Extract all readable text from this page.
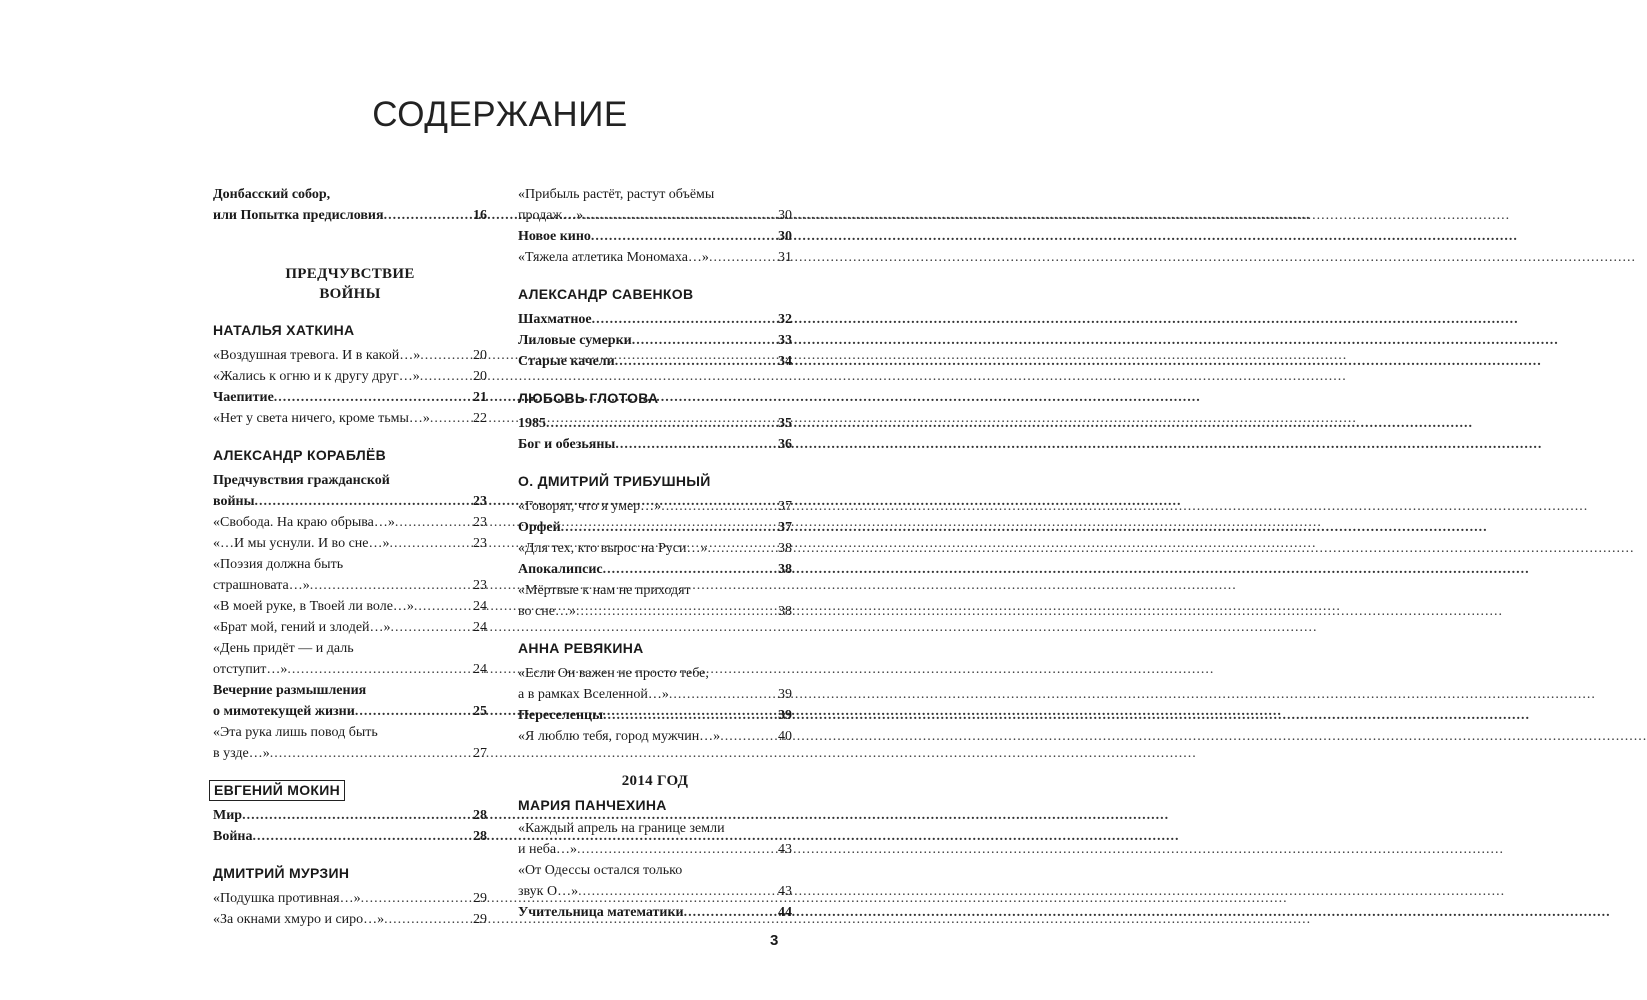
СОДЕРЖАНИЕ
Донбасский собор,
или Попытка предисловия .....	16
ПРЕДЧУВСТВИЕ
ВОЙНЫ
НАТАЛЬЯ ХАТКИНА
«Воздушная тревога. И в какой…» .....	20
«Жались к огню и к другу друг…» .....	20
Чаепитие .....	21
«Нет у света ничего, кроме тьмы…» .....	22
АЛЕКСАНДР КОРАБЛЁВ
Предчувствия гражданской
войны .....	23
«Свобода. На краю обрыва…» .....	23
«…И мы уснули. И во сне…» .....	23
«Поэзия должна быть
страшновата…» .....	23
«В моей руке, в Твоей ли воле…» .....	24
«Брат мой, гений и злодей…» .....	24
«День придёт — и даль
отступит…» .....	24
Вечерние размышления
о мимотекущей жизни .....	25
«Эта рука лишь повод быть
в узде…» .....	27
ЕВГЕНИЙ МОКИН
Мир .....	28
Война .....	28
ДМИТРИЙ МУРЗИН
«Подушка противная…» .....	29
«За окнами хмуро и сиро…» .....	29
«Прибыль растёт, растут объёмы
продаж…» .....	30
Новое кино .....	30
«Тяжела атлетика Мономаха…» .....	31
АЛЕКСАНДР САВЕНКОВ
Шахматное .....	32
Лиловые сумерки .....	33
Старые качели .....	34
ЛЮБОВЬ ГЛОТОВА
1985 .....	35
Бог и обезьяны .....	36
О. ДМИТРИЙ ТРИБУШНЫЙ
«Говорят, что я умер…» .....	37
Орфей .....	37
«Для тех, кто вырос на Руси…» .....	38
Апокалипсис .....	38
«Мёртвые к нам не приходят
во сне…» .....	38
АННА РЕВЯКИНА
«Если Он важен не просто тебе,
а в рамках Вселенной…» .....	39
Переселенцы .....	39
«Я люблю тебя, город мужчин…» .....	40
2014 ГОД
МАРИЯ ПАНЧЕХИНА
«Каждый апрель на границе земли
и неба…» .....	43
«От Одессы остался только
звук О…» .....	43
Учительница математики .....	44
3
